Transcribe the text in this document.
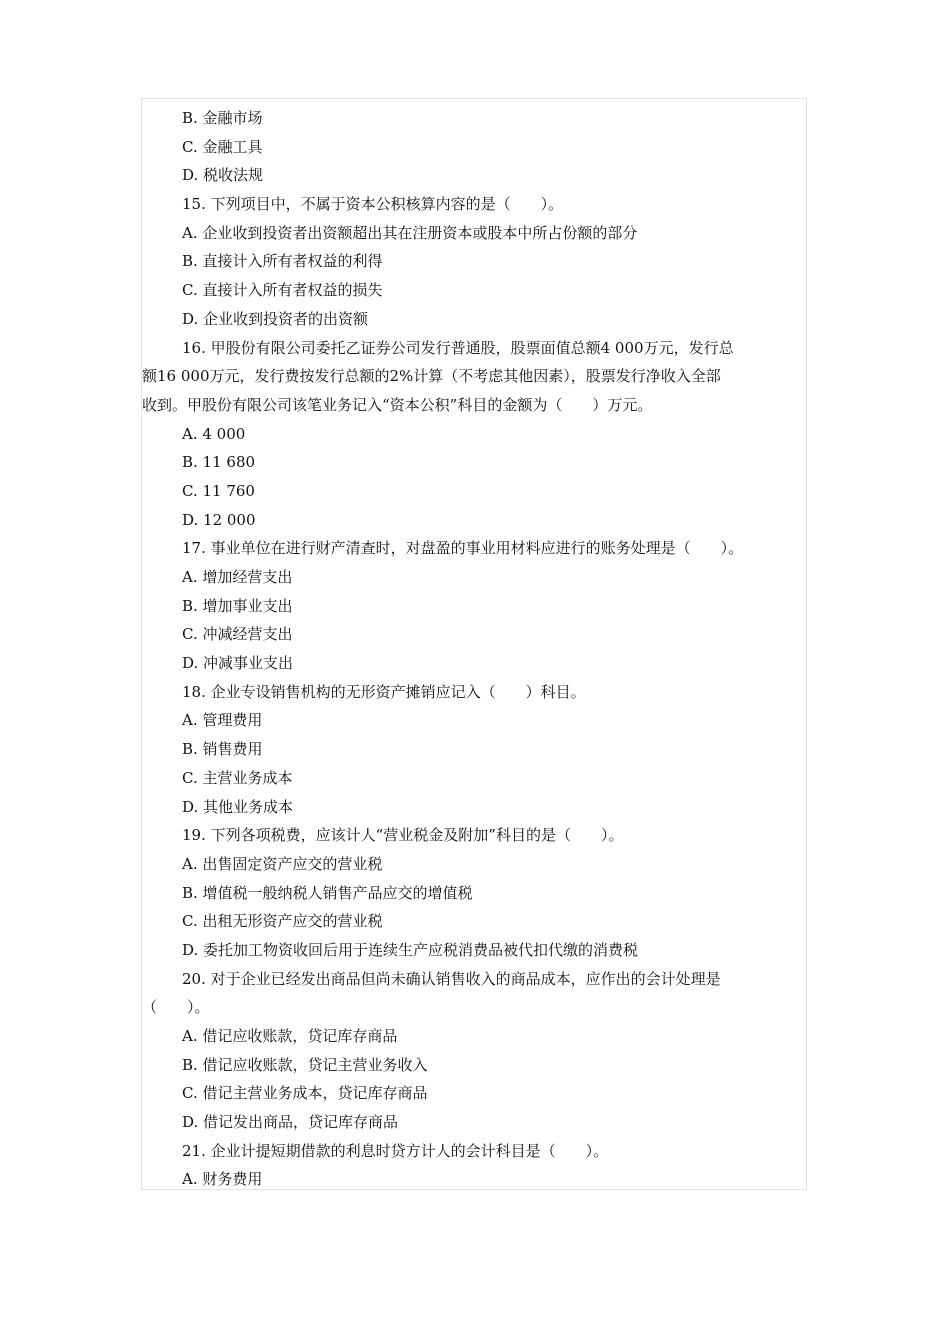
B. 金融市场
C. 金融工具
D. 税收法规
15. 下列项目中，不属于资本公积核算内容的是（　　）。
A. 企业收到投资者出资额超出其在注册资本或股本中所占份额的部分
B. 直接计入所有者权益的利得
C. 直接计入所有者权益的损失
D. 企业收到投资者的出资额
16. 甲股份有限公司委托乙证券公司发行普通股，股票面值总额4 000万元，发行总
额16 000万元，发行费按发行总额的2%计算（不考虑其他因素），股票发行净收入全部
收到。甲股份有限公司该笔业务记入“资本公积”科目的金额为（　　）万元。
A. 4 000
B. 11 680
C. 11 760
D. 12 000
17. 事业单位在进行财产清查时，对盘盈的事业用材料应进行的账务处理是（　　）。
A. 增加经营支出
B. 增加事业支出
C. 冲减经营支出
D. 冲减事业支出
18. 企业专设销售机构的无形资产摊销应记入（　　）科目。
A. 管理费用
B. 销售费用
C. 主营业务成本
D. 其他业务成本
19. 下列各项税费，应该计人“营业税金及附加”科目的是（　　）。
A. 出售固定资产应交的营业税
B. 增值税一般纳税人销售产品应交的增值税
C. 出租无形资产应交的营业税
D. 委托加工物资收回后用于连续生产应税消费品被代扣代缴的消费税
20. 对于企业已经发出商品但尚未确认销售收入的商品成本，应作出的会计处理是
（　　）。
A. 借记应收账款，贷记库存商品
B. 借记应收账款，贷记主营业务收入
C. 借记主营业务成本，贷记库存商品
D. 借记发出商品，贷记库存商品
21. 企业计提短期借款的利息时贷方计人的会计科目是（　　）。
A. 财务费用
